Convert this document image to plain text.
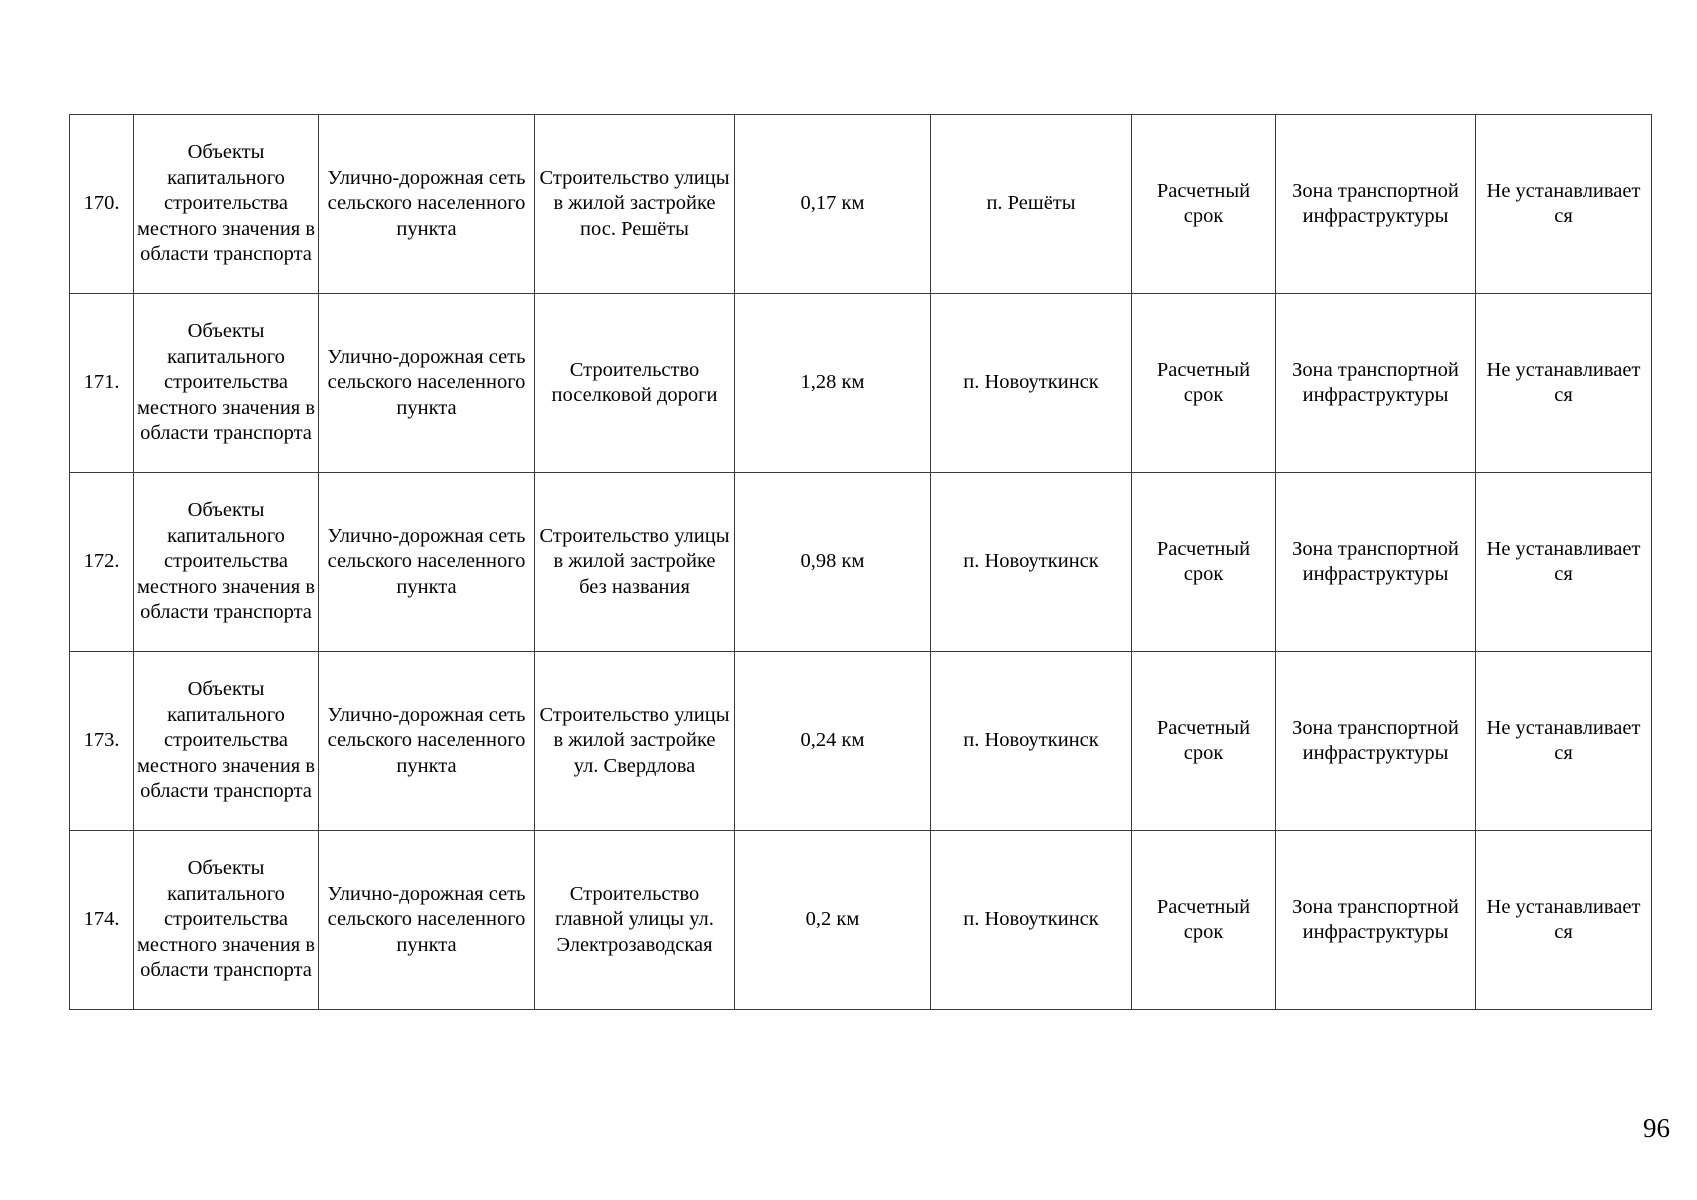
170.	Объекты капитального строительства местного значения в области транспорта	Улично-дорожная сеть сельского населенного пункта	Строительство улицы в жилой застройке пос. Решёты	0,17 км	п. Решёты	Расчетный срок	Зона транспортной инфраструктуры	Не устанавливается
171.	Объекты капитального строительства местного значения в области транспорта	Улично-дорожная сеть сельского населенного пункта	Строительство поселковой дороги	1,28 км	п. Новоуткинск	Расчетный срок	Зона транспортной инфраструктуры	Не устанавливается
172.	Объекты капитального строительства местного значения в области транспорта	Улично-дорожная сеть сельского населенного пункта	Строительство улицы в жилой застройке без названия	0,98 км	п. Новоуткинск	Расчетный срок	Зона транспортной инфраструктуры	Не устанавливается
173.	Объекты капитального строительства местного значения в области транспорта	Улично-дорожная сеть сельского населенного пункта	Строительство улицы в жилой застройке ул. Свердлова	0,24 км	п. Новоуткинск	Расчетный срок	Зона транспортной инфраструктуры	Не устанавливается
174.	Объекты капитального строительства местного значения в области транспорта	Улично-дорожная сеть сельского населенного пункта	Строительство главной улицы ул. Электрозаводская	0,2 км	п. Новоуткинск	Расчетный срок	Зона транспортной инфраструктуры	Не устанавливается
96
